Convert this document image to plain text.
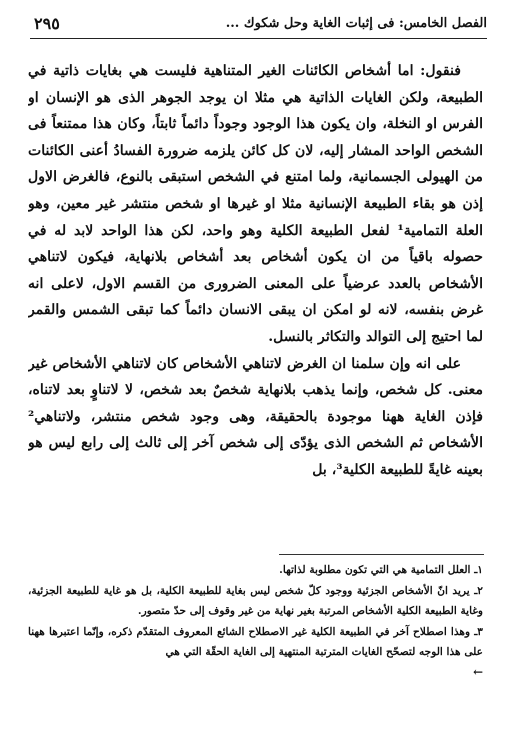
الفصل الخامس: فى إثبات الغاية وحل شكوك ...
٢٩٥

فنقول: اما أشخاص الكائنات الغير المتناهية فليست هي بغايات ذاتية في الطبيعة، ولكن الغايات الذاتية هي مثلا ان يوجد الجوهر الذى هو الإنسان او الفرس او النخلة، وان يكون هذا الوجود وجوداً دائماً ثابتاً، وكان هذا ممتنعاً فى الشخص الواحد المشار إليه، لان كل كائن يلزمه ضرورة الفسادُ أعنى الكائنات من الهيولى الجسمانية، ولما امتنع في الشخص استبقى بالنوع، فالغرض الاول إذن هو بقاء الطبيعة الإنسانية مثلا او غيرها او شخص منتشر غير معين، وهو العلة التمامية¹ لفعل الطبيعة الكلية وهو واحد، لكن هذا الواحد لابد له في حصوله باقياً من ان يكون أشخاص بعد أشخاص بلانهاية، فيكون لاتناهي الأشخاص بالعدد عرضياً على المعنى الضرورى من القسم الاول، لاعلى انه غرض بنفسه، لانه لو امكن ان يبقى الانسان دائماً كما تبقى الشمس والقمر لما احتيج إلى التوالد والتكاثر بالنسل.

على انه وإن سلمنا ان الغرض لاتناهي الأشخاص كان لاتناهي الأشخاص غير معنى. كل شخص، وإنما يذهب بلانهاية شخصٌ بعد شخص، لا لاتناوٍ بعد لاتناه، فإذن الغاية ههنا موجودة بالحقيقة، وهى وجود شخص منتشر، ولاتناهي² الأشخاص ثم الشخص الذى يؤدّى إلى شخص آخر إلى ثالث إلى رابع ليس هو بعينه غايةً للطبيعة الكلية³، بل

١ـ العلل التمامية هي التي تكون مطلوبة لذاتها.

٢ـ يريد انّ الأشخاص الجزئية ووجود كلّ شخص ليس بغاية للطبيعة الكلية، بل هو غاية للطبيعة الجزئية، وغاية الطبيعة الكلية الأشخاص المرتبة بغير نهاية من غير وقوف إلى حدّ متصور.

٣ـ وهذا اصطلاح آخر في الطبيعة الكلية غير الاصطلاح الشائع المعروف المتقدّم ذكره، وإنّما اعتبرها ههنا على هذا الوجه لتصحّح الغايات المترتبة المنتهية إلى الغاية الحقّة التي هي

←
